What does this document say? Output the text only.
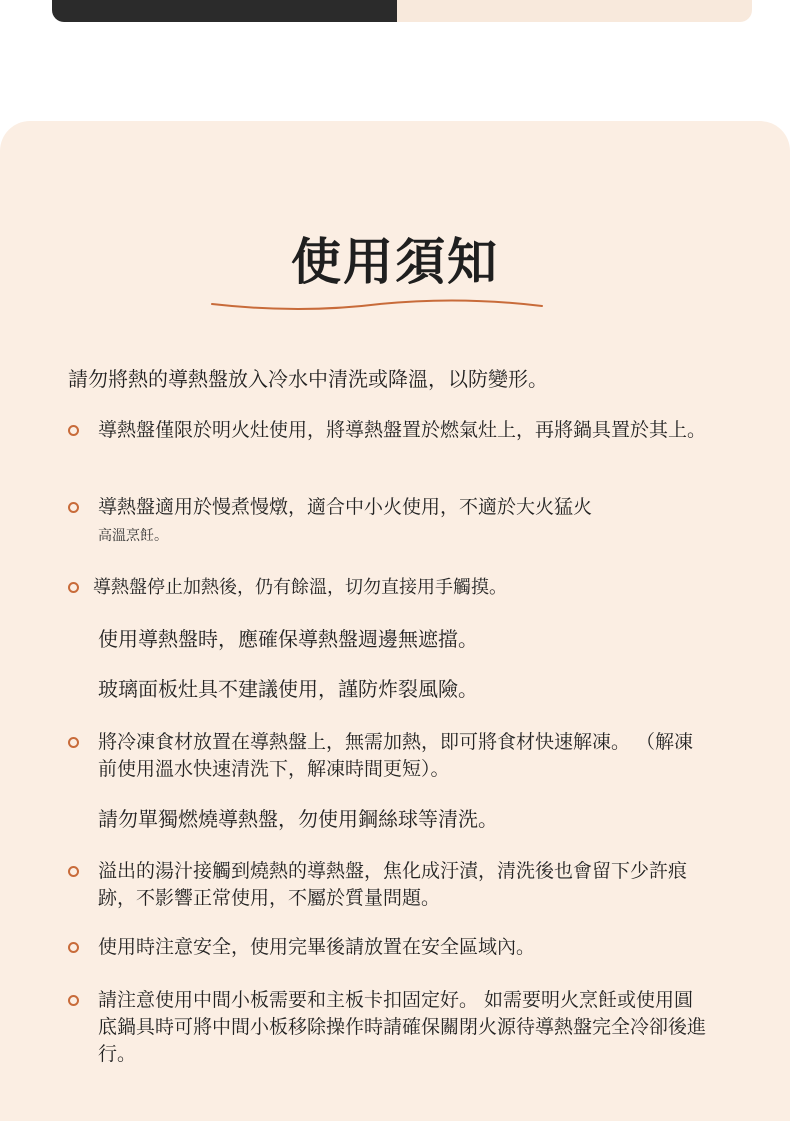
使用須知
請勿將熱的導熱盤放入冷水中清洗或降溫，以防變形。
導熱盤僅限於明火灶使用，將導熱盤置於燃氣灶上，再將鍋具置於其上。
導熱盤適用於慢煮慢燉，適合中小火使用，不適於大火猛火
高溫烹飪。
導熱盤停止加熱後，仍有餘溫，切勿直接用手觸摸。
使用導熱盤時，應確保導熱盤週邊無遮擋。
玻璃面板灶具不建議使用，謹防炸裂風險。
將冷凍食材放置在導熱盤上，無需加熱，即可將食材快速解凍。 （解凍前使用溫水快速清洗下，解凍時間更短）。
請勿單獨燃燒導熱盤，勿使用鋼絲球等清洗。
溢出的湯汁接觸到燒熱的導熱盤，焦化成汙漬，清洗後也會留下少許痕跡，不影響正常使用，不屬於質量問題。
使用時注意安全，使用完畢後請放置在安全區域內。
請注意使用中間小板需要和主板卡扣固定好。 如需要明火烹飪或使用圓底鍋具時可將中間小板移除操作時請確保關閉火源待導熱盤完全冷卻後進行。
